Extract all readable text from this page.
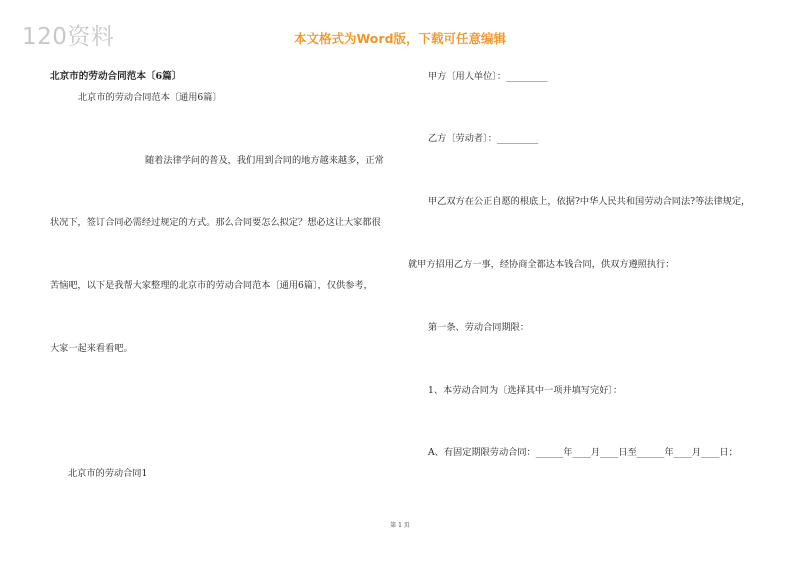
120资料	本文格式为Word版，下载可任意编辑
北京市的劳动合同范本〔6篇〕
北京市的劳动合同范本〔通用6篇〕
随着法律学问的普及，我们用到合同的地方越来越多，正常
状况下，签订合同必需经过规定的方式。那么合同要怎么拟定？想必这让大家都很
苦恼吧，以下是我帮大家整理的北京市的劳动合同范本〔通用6篇〕，仅供参考，
大家一起来看看吧。
北京市的劳动合同1
甲方〔用人单位〕：_________
乙方〔劳动者〕：_________
甲乙双方在公正自愿的根底上，依据?中华人民共和国劳动合同法?等法律规定，
就甲方招用乙方一事，经协商全都达本钱合同，供双方遵照执行：
第一条、劳动合同期限：
1、本劳动合同为〔选择其中一项并填写完好〕：
A、有固定期限劳动合同：______年____月____日至______年____月____日；
第 1 页
